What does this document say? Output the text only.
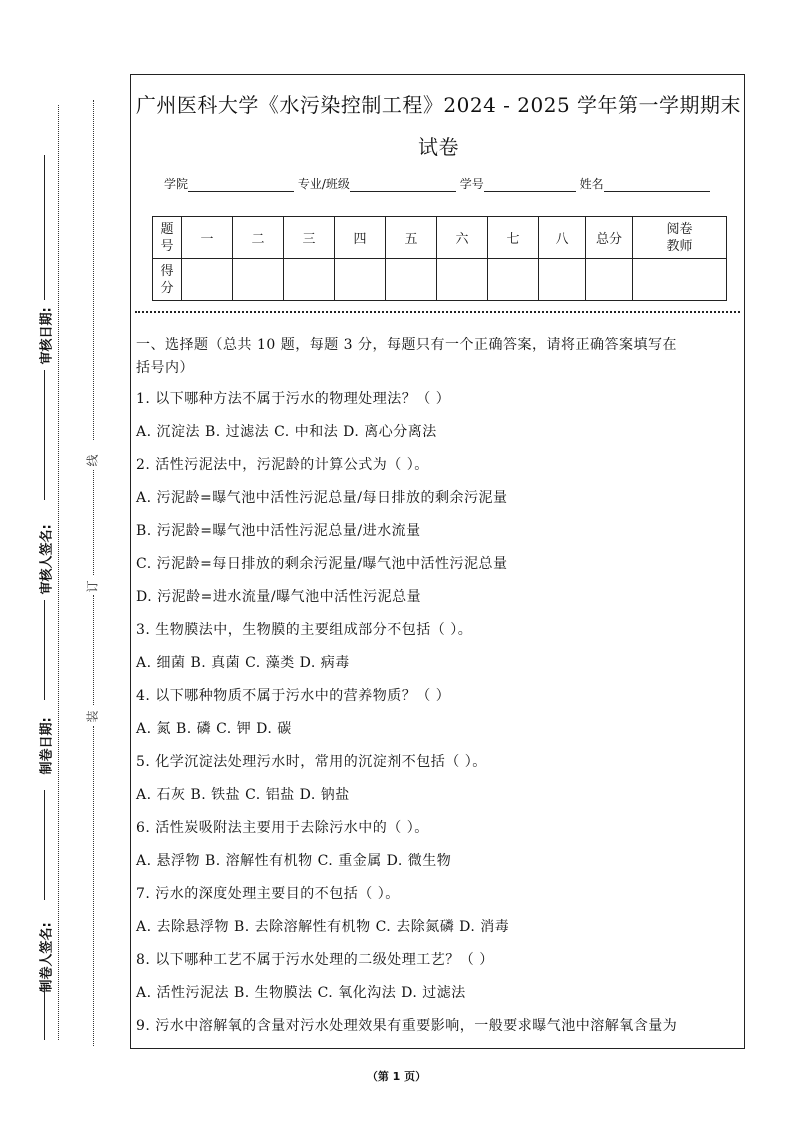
审核日期:
审核人签名:
制卷日期:
制卷人签名:
线
订
装
广州医科大学《水污染控制工程》2024 - 2025 学年第一学期期末
试卷
学院	专业/班级	学号	姓名
题号	一	二	三	四	五	六	七	八	总分	阅卷教师
得分										
一、选择题（总共 10 题，每题 3 分，每题只有一个正确答案，请将正确答案填写在
括号内）
1. 以下哪种方法不属于污水的物理处理法？（ ）
A. 沉淀法 B. 过滤法 C. 中和法 D. 离心分离法
2. 活性污泥法中，污泥龄的计算公式为（ ）。
A. 污泥龄=曝气池中活性污泥总量/每日排放的剩余污泥量
B. 污泥龄=曝气池中活性污泥总量/进水流量
C. 污泥龄=每日排放的剩余污泥量/曝气池中活性污泥总量
D. 污泥龄=进水流量/曝气池中活性污泥总量
3. 生物膜法中，生物膜的主要组成部分不包括（ ）。
A. 细菌 B. 真菌 C. 藻类 D. 病毒
4. 以下哪种物质不属于污水中的营养物质？（ ）
A. 氮 B. 磷 C. 钾 D. 碳
5. 化学沉淀法处理污水时，常用的沉淀剂不包括（ ）。
A. 石灰 B. 铁盐 C. 铝盐 D. 钠盐
6. 活性炭吸附法主要用于去除污水中的（ ）。
A. 悬浮物 B. 溶解性有机物 C. 重金属 D. 微生物
7. 污水的深度处理主要目的不包括（ ）。
A. 去除悬浮物 B. 去除溶解性有机物 C. 去除氮磷 D. 消毒
8. 以下哪种工艺不属于污水处理的二级处理工艺？（ ）
A. 活性污泥法 B. 生物膜法 C. 氧化沟法 D. 过滤法
9. 污水中溶解氧的含量对污水处理效果有重要影响，一般要求曝气池中溶解氧含量为
（第 1 页）
